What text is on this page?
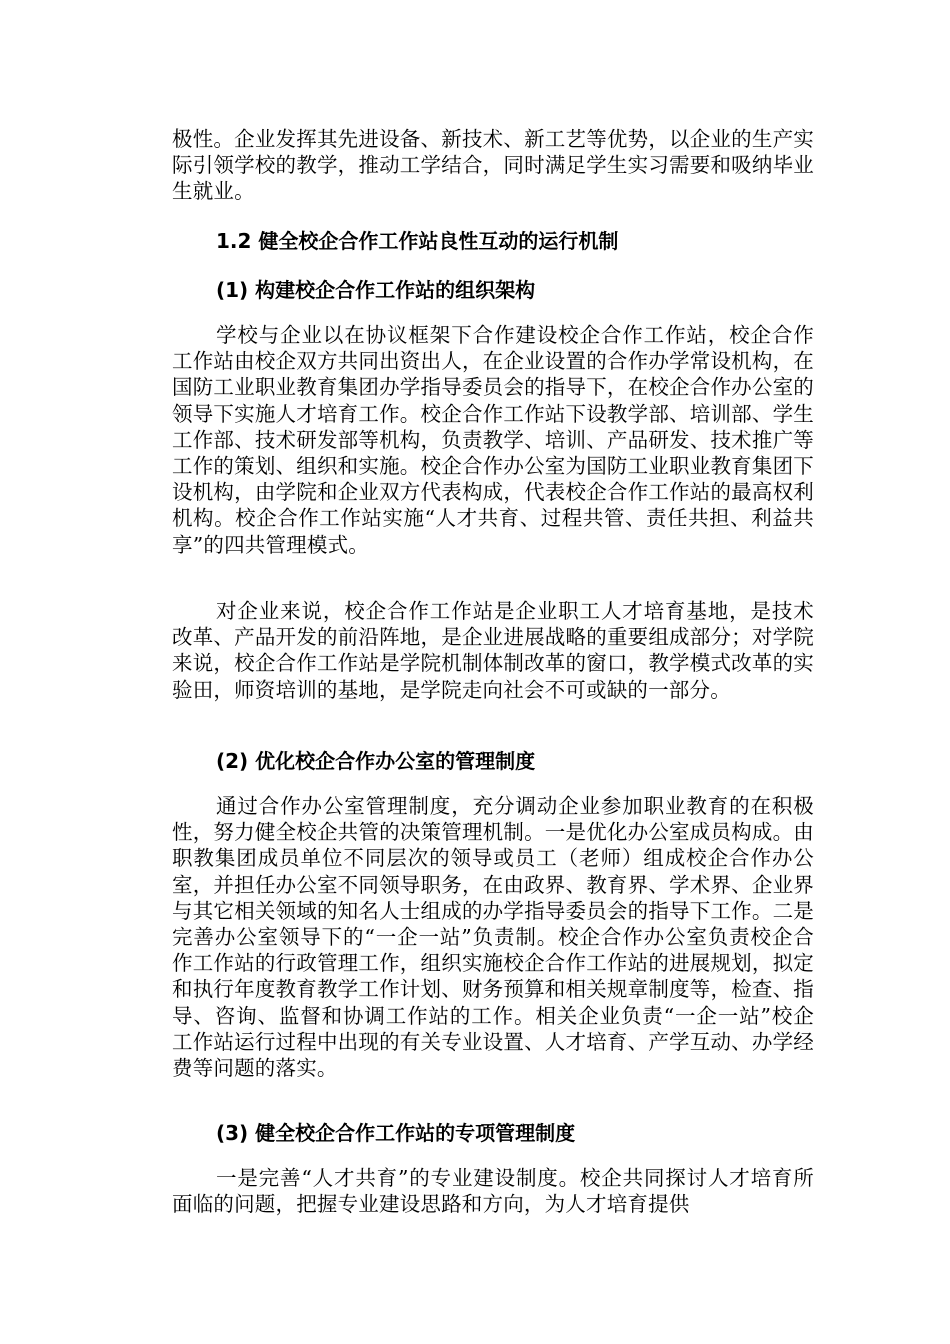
极性。企业发挥其先进设备、新技术、新工艺等优势，以企业的生产实际引领学校的教学，推动工学结合，同时满足学生实习需要和吸纳毕业生就业。

1.2 健全校企合作工作站良性互动的运行机制

(1) 构建校企合作工作站的组织架构

学校与企业以在协议框架下合作建设校企合作工作站，校企合作工作站由校企双方共同出资出人，在企业设置的合作办学常设机构，在国防工业职业教育集团办学指导委员会的指导下，在校企合作办公室的领导下实施人才培育工作。校企合作工作站下设教学部、培训部、学生工作部、技术研发部等机构，负责教学、培训、产品研发、技术推广等工作的策划、组织和实施。校企合作办公室为国防工业职业教育集团下设机构，由学院和企业双方代表构成，代表校企合作工作站的最高权利机构。校企合作工作站实施“人才共育、过程共管、责任共担、利益共享”的四共管理模式。

对企业来说，校企合作工作站是企业职工人才培育基地，是技术改革、产品开发的前沿阵地，是企业进展战略的重要组成部分；对学院来说，校企合作工作站是学院机制体制改革的窗口，教学模式改革的实验田，师资培训的基地，是学院走向社会不可或缺的一部分。

(2) 优化校企合作办公室的管理制度

通过合作办公室管理制度，充分调动企业参加职业教育的在积极性，努力健全校企共管的决策管理机制。一是优化办公室成员构成。由职教集团成员单位不同层次的领导或员工（老师）组成校企合作办公室，并担任办公室不同领导职务，在由政界、教育界、学术界、企业界与其它相关领域的知名人士组成的办学指导委员会的指导下工作。二是完善办公室领导下的“一企一站”负责制。校企合作办公室负责校企合作工作站的行政管理工作，组织实施校企合作工作站的进展规划，拟定和执行年度教育教学工作计划、财务预算和相关规章制度等，检查、指导、咨询、监督和协调工作站的工作。相关企业负责“一企一站”校企工作站运行过程中出现的有关专业设置、人才培育、产学互动、办学经费等问题的落实。

(3) 健全校企合作工作站的专项管理制度

一是完善“人才共育”的专业建设制度。校企共同探讨人才培育所面临的问题，把握专业建设思路和方向，为人才培育提供
